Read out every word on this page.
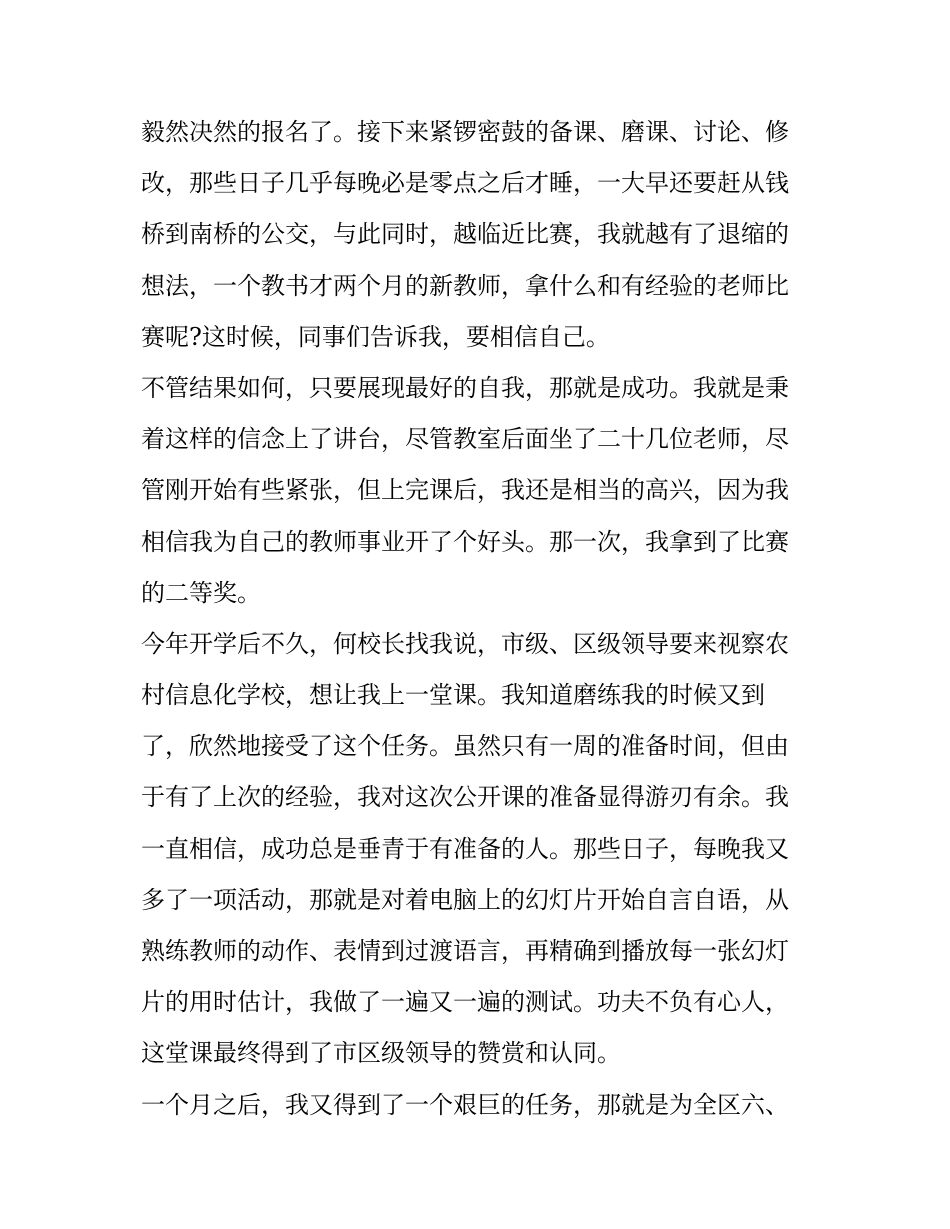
毅然决然的报名了。接下来紧锣密鼓的备课、磨课、讨论、修
改，那些日子几乎每晚必是零点之后才睡，一大早还要赶从钱
桥到南桥的公交，与此同时，越临近比赛，我就越有了退缩的
想法，一个教书才两个月的新教师，拿什么和有经验的老师比
赛呢?这时候，同事们告诉我，要相信自己。
不管结果如何，只要展现最好的自我，那就是成功。我就是秉
着这样的信念上了讲台，尽管教室后面坐了二十几位老师，尽
管刚开始有些紧张，但上完课后，我还是相当的高兴，因为我
相信我为自己的教师事业开了个好头。那一次，我拿到了比赛
的二等奖。
今年开学后不久，何校长找我说，市级、区级领导要来视察农
村信息化学校，想让我上一堂课。我知道磨练我的时候又到
了，欣然地接受了这个任务。虽然只有一周的准备时间，但由
于有了上次的经验，我对这次公开课的准备显得游刃有余。我
一直相信，成功总是垂青于有准备的人。那些日子，每晚我又
多了一项活动，那就是对着电脑上的幻灯片开始自言自语，从
熟练教师的动作、表情到过渡语言，再精确到播放每一张幻灯
片的用时估计，我做了一遍又一遍的测试。功夫不负有心人，
这堂课最终得到了市区级领导的赞赏和认同。
一个月之后，我又得到了一个艰巨的任务，那就是为全区六、
